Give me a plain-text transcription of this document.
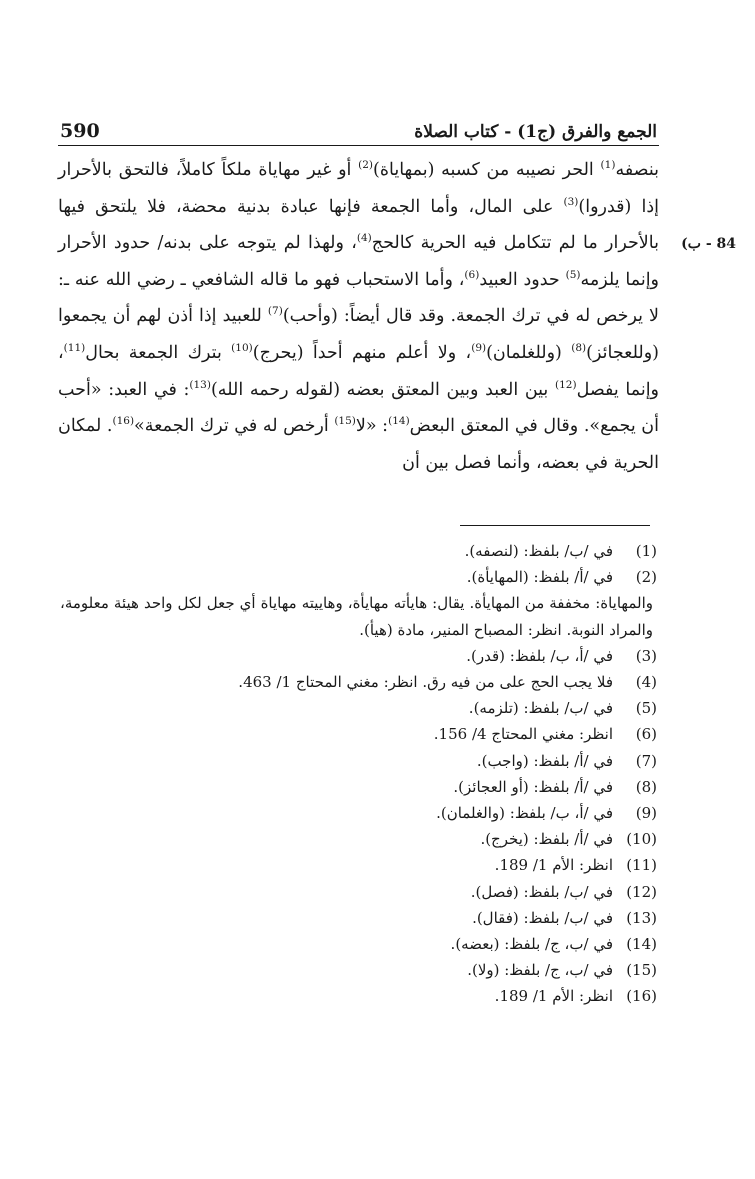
590	الجمع والفرق (ج1) - كتاب الصلاة
84 - ب)

بنصفه$^{(1)}$ الحر نصيبه من كسبه (بمهاياة)$^{(2)}$ أو غير مهاياة ملكاً كاملاً، فالتحق بالأحرار إذا (قدروا)$^{(3)}$ على المال، وأما الجمعة فإنها عبادة بدنية محضة، فلا يلتحق فيها بالأحرار ما لم تتكامل فيه الحرية كالحج$^{(4)}$، ولهذا لم يتوجه على بدنه/ حدود الأحرار وإنما يلزمه$^{(5)}$ حدود العبيد$^{(6)}$، وأما الاستحباب فهو ما قاله الشافعي ـ رضي الله عنه ـ: لا يرخص له في ترك الجمعة. وقد قال أيضاً: (وأحب)$^{(7)}$ للعبيد إذا أذن لهم أن يجمعوا (وللعجائز)$^{(8)}$ (وللغلمان)$^{(9)}$، ولا أعلم منهم أحداً (يحرج)$^{(10)}$ بترك الجمعة بحال$^{(11)}$، وإنما يفصل$^{(12)}$ بين العبد وبين المعتق بعضه (لقوله رحمه الله)$^{(13)}$: في العبد: «أحب أن يجمع». وقال في المعتق البعض$^{(14)}$: «لا$^{(15)}$ أرخص له في ترك الجمعة»$^{(16)}$. لمكان الحرية في بعضه، وأنما فصل بين أن

(1)
في /ب/ بلفظ: (لنصفه).
(2)
في /أ/ بلفظ: (المهايأة).
والمهاياة: مخففة من المهايأة. يقال: هايأته مهايأة، وهاييته مهاياة أي جعل لكل واحد هيئة معلومة، والمراد النوبة. انظر: المصباح المنير، مادة (هيأ).
(3)
في /أ، ب/ بلفظ: (قدر).
(4)
فلا يجب الحج على من فيه رق. انظر: مغني المحتاج 1/ 463.
(5)
في /ب/ بلفظ: (تلزمه).
(6)
انظر: مغني المحتاج 4/ 156.
(7)
في /أ/ بلفظ: (واجب).
(8)
في /أ/ بلفظ: (أو العجائز).
(9)
في /أ، ب/ بلفظ: (والغلمان).
(10)
في /أ/ بلفظ: (يخرج).
(11)
انظر: الأم 1/ 189.
(12)
في /ب/ بلفظ: (فصل).
(13)
في /ب/ بلفظ: (فقال).
(14)
في /ب، ج/ بلفظ: (بعضه).
(15)
في /ب، ج/ بلفظ: (ولا).
(16)
انظر: الأم 1/ 189.
